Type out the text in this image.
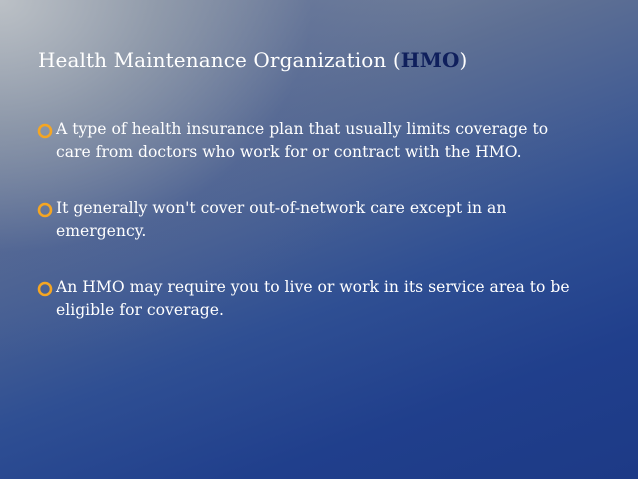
Health Maintenance Organization (HMO)
A type of health insurance plan that usually limits coverage to care from doctors who work for or contract with the HMO.
It generally won't cover out-of-network care except in an emergency.
An HMO may require you to live or work in its service area to be eligible for coverage.
